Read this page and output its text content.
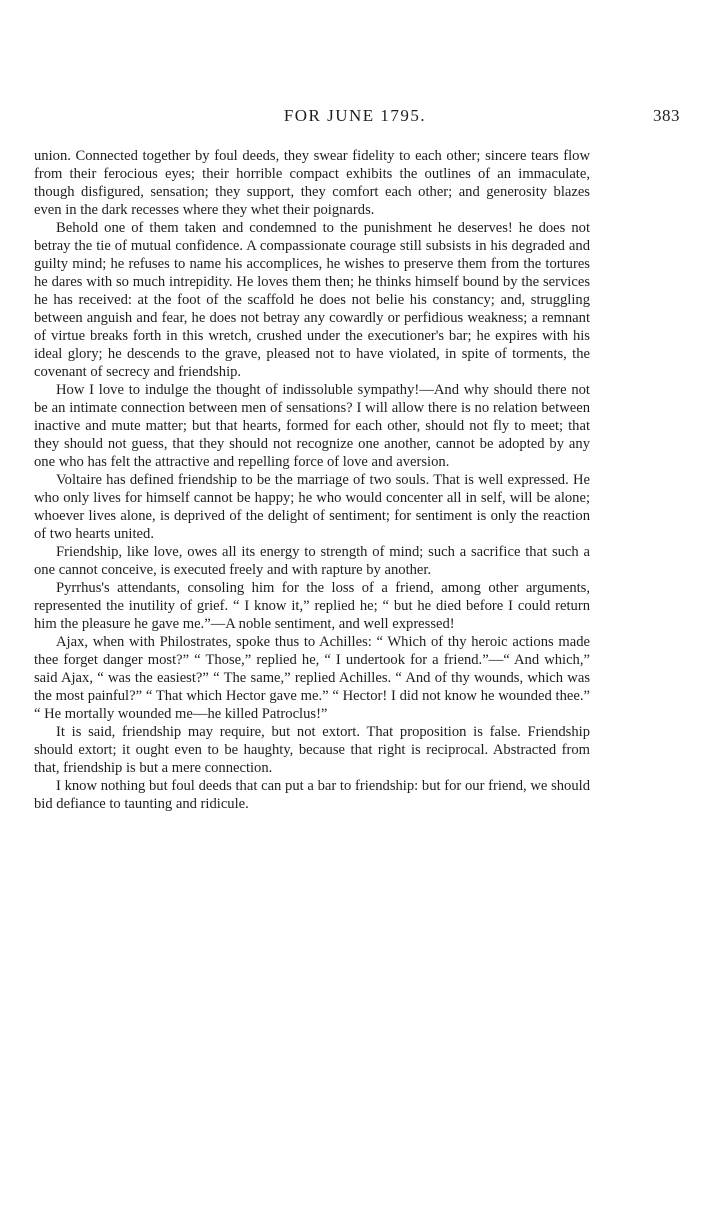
FOR JUNE 1795.	383

union. Connected together by foul deeds, they swear fidelity to each other; sincere tears flow from their ferocious eyes; their horrible compact exhibits the outlines of an immaculate, though disfigured, sensation; they support, they comfort each other; and generosity blazes even in the dark recesses where they whet their poignards.

Behold one of them taken and condemned to the punishment he deserves! he does not betray the tie of mutual confidence. A compassionate courage still subsists in his degraded and guilty mind; he refuses to name his accomplices, he wishes to preserve them from the tortures he dares with so much intrepidity. He loves them then; he thinks himself bound by the services he has received: at the foot of the scaffold he does not belie his constancy; and, struggling between anguish and fear, he does not betray any cowardly or perfidious weakness; a remnant of virtue breaks forth in this wretch, crushed under the executioner's bar; he expires with his ideal glory; he descends to the grave, pleased not to have violated, in spite of torments, the covenant of secrecy and friendship.

How I love to indulge the thought of indissoluble sympathy!—And why should there not be an intimate connection between men of sensations? I will allow there is no relation between inactive and mute matter; but that hearts, formed for each other, should not fly to meet; that they should not guess, that they should not recognize one another, cannot be adopted by any one who has felt the attractive and repelling force of love and aversion.

Voltaire has defined friendship to be the marriage of two souls. That is well expressed. He who only lives for himself cannot be happy; he who would concenter all in self, will be alone; whoever lives alone, is deprived of the delight of sentiment; for sentiment is only the reaction of two hearts united.

Friendship, like love, owes all its energy to strength of mind; such a sacrifice that such a one cannot conceive, is executed freely and with rapture by another.

Pyrrhus's attendants, consoling him for the loss of a friend, among other arguments, represented the inutility of grief. “ I know it,” replied he; “ but he died before I could return him the pleasure he gave me.”—A noble sentiment, and well expressed!

Ajax, when with Philostrates, spoke thus to Achilles: “ Which of thy heroic actions made thee forget danger most?” “ Those,” replied he, “ I undertook for a friend.”—“ And which,” said Ajax, “ was the easiest?” “ The same,” replied Achilles. “ And of thy wounds, which was the most painful?” “ That which Hector gave me.” “ Hector! I did not know he wounded thee.” “ He mortally wounded me—he killed Patroclus!”

It is said, friendship may require, but not extort. That proposition is false. Friendship should extort; it ought even to be haughty, because that right is reciprocal. Abstracted from that, friendship is but a mere connection.

I know nothing but foul deeds that can put a bar to friendship: but for our friend, we should bid defiance to taunting and ridicule.
